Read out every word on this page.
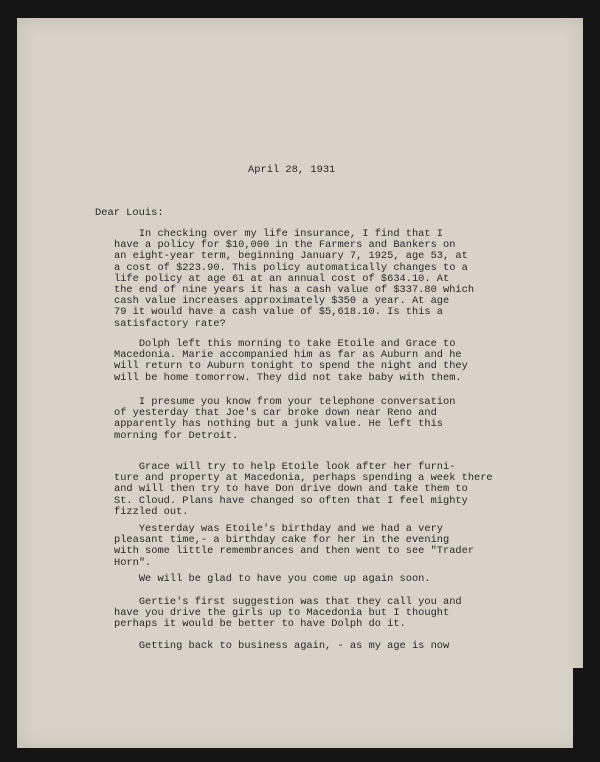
April 28, 1931
Dear Louis:
In checking over my life insurance, I find that I
have a policy for $10,000 in the Farmers and Bankers on
an eight-year term, beginning January 7, 1925, age 53, at
a cost of $223.90. This policy automatically changes to a
life policy at age 61 at an annual cost of $634.10. At
the end of nine years it has a cash value of $337.80 which
cash value increases approximately $350 a year. At age
79 it would have a cash value of $5,618.10. Is this a
satisfactory rate?
Dolph left this morning to take Etoile and Grace to
Macedonia. Marie accompanied him as far as Auburn and he
will return to Auburn tonight to spend the night and they
will be home tomorrow. They did not take baby with them.
I presume you know from your telephone conversation
of yesterday that Joe's car broke down near Reno and
apparently has nothing but a junk value. He left this
morning for Detroit.
Grace will try to help Etoile look after her furni-
ture and property at Macedonia, perhaps spending a week there
and will then try to have Don drive down and take them to
St. Cloud. Plans have changed so often that I feel mighty
fizzled out.
Yesterday was Etoile's birthday and we had a very
pleasant time,- a birthday cake for her in the evening
with some little remembrances and then went to see "Trader
Horn".
We will be glad to have you come up again soon.
Gertie's first suggestion was that they call you and
have you drive the girls up to Macedonia but I thought
perhaps it would be better to have Dolph do it.
Getting back to business again, - as my age is now
